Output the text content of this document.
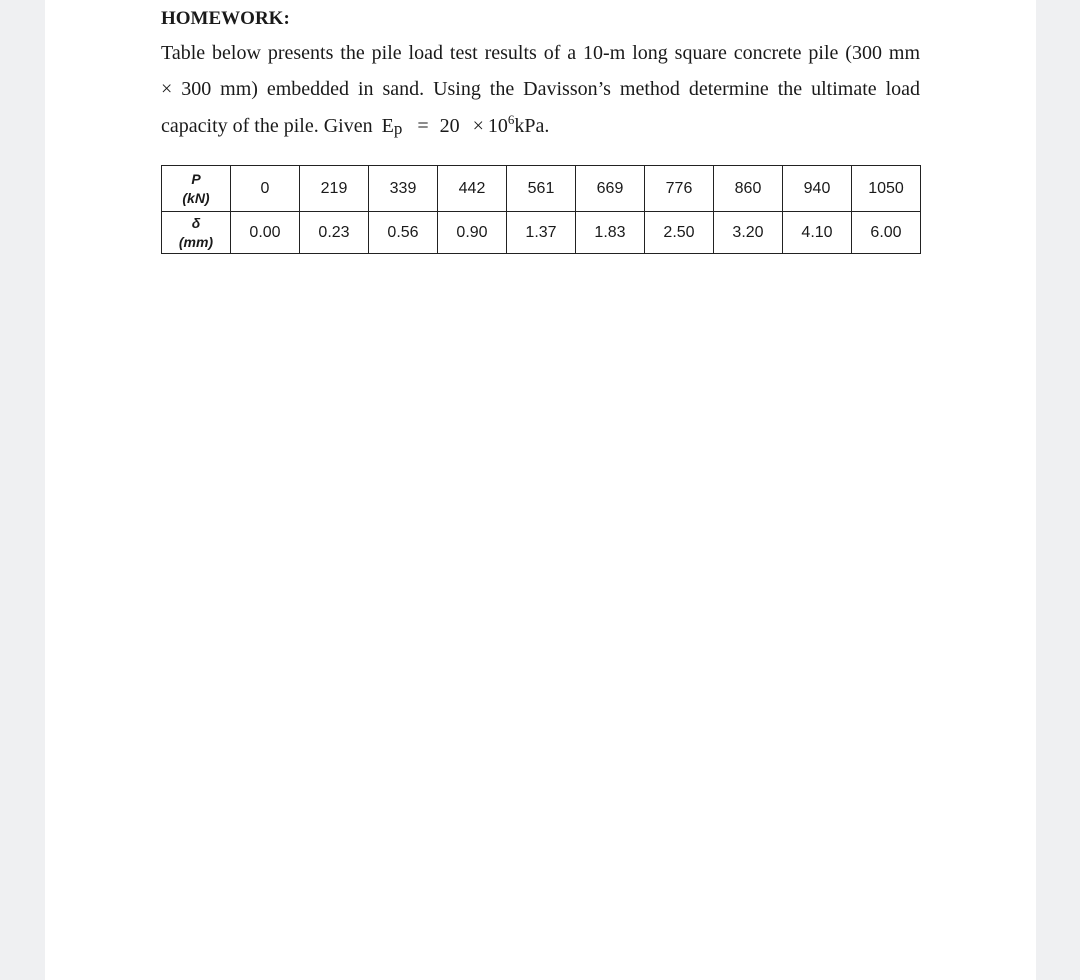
HOMEWORK:
Table below presents the pile load test results of a 10-m long square concrete pile (300 mm
× 300 mm) embedded in sand. Using the Davisson’s method determine the ultimate load
capacity of the pile. Given $E_p = 20 \times 10^6kPa$.
P
(kN)	0	219	339	442	561	669	776	860	940	1050

δ
(mm)	0.00	0.23	0.56	0.90	1.37	1.83	2.50	3.20	4.10	6.00
